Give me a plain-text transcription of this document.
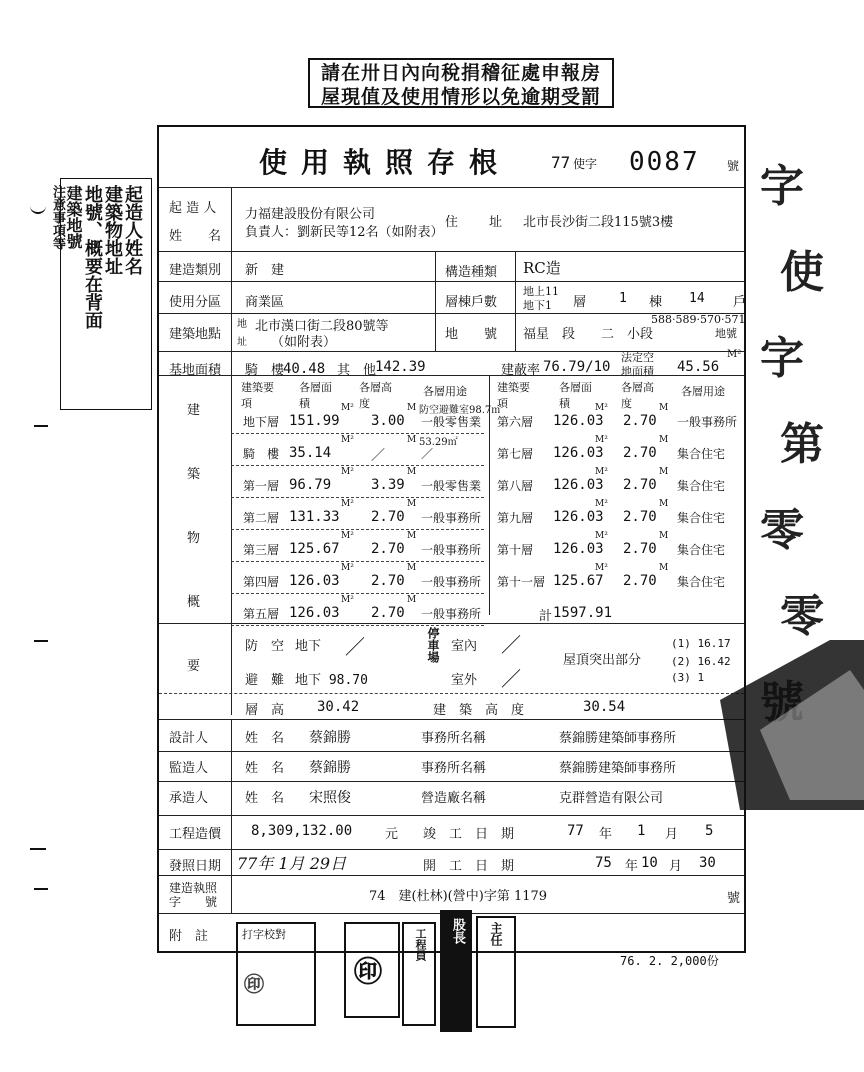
請在卅日內向稅捐稽征處申報房
屋現值及使用情形以免逾期受罰
起造人姓名
建築物地址
地號、概要在背面
建築地號
注意事項等
使用執照存根 77 使字 0087 號
起 造 人
姓　　名
力福建設股份有限公司
負責人：劉新民等12名（如附表）
住 址 北市長沙街二段115號3樓
建造類別 新　建	構造種類 RC造
使用分區 商業區	層棟戶數
地上11
地下1 層	1 棟 14 戶
建築地點
地
址
北市漢口街二段80號等
（如附表）
地　　號 福星　段　　二　小段
588·589·570·571
地號
基地面積 騎　樓
40.48 其　他
142.39	建蔽率 76.79/10
法定空
地面積 45.56
M²
建
築
物
概
要
建築要項
各層面積
各層高度
各層用途	建築要項
各層面積
各層高度
各層用途
地下層 151.99 3.00 一般零售業
防空避難室98.7㎡
M²	M
騎　樓 35.14	／	／
53.29㎡
M²	M
第一層 96.79	3.39 一般零售業
M²	M
第二層 131.33 2.70 一般事務所
M²	M
第三層 125.67 2.70 一般事務所
M²	M
第四層 126.03 2.70 一般事務所
M²	M
第五層 126.03 2.70 一般事務所
M²	M
第六層 126.03 2.70 一般事務所
M²	M
第七層 126.03 2.70 集合住宅
M²	M
第八層 126.03 2.70 集合住宅
M²	M
第九層 126.03 2.70 集合住宅
M²	M
第十層 126.03 2.70 集合住宅
M²	M
第十一層 125.67 2.70 集合住宅
M²	M
計 1597.91
防 空 地下 ／
避 難 地下 98.70
停車場 室內
室外
／
／
屋頂突出部分
(1) 16.17
(2) 16.42
(3) 1
層　高 30.42	建　築　高　度	30.54
設計人	姓　名 蔡錦勝	事務所名稱	蔡錦勝建築師事務所
監造人	姓　名 蔡錦勝	事務所名稱	蔡錦勝建築師事務所
承造人	姓　名 宋照俊	營造廠名稱	克群營造有限公司
工程造價 8,309,132.00	元 竣　工　日　期	77 年 1 月 5
發照日期 77年 1月 29日	開　工　日　期	75 年 10 月 30
建造執照
字　　號	74　建(杜林)(營中)字第 1179	號
附　註	打字校對
㊞	㊞
工程員 股長 主任
76. 2. 2,000份
字
使
字
第
零
零
